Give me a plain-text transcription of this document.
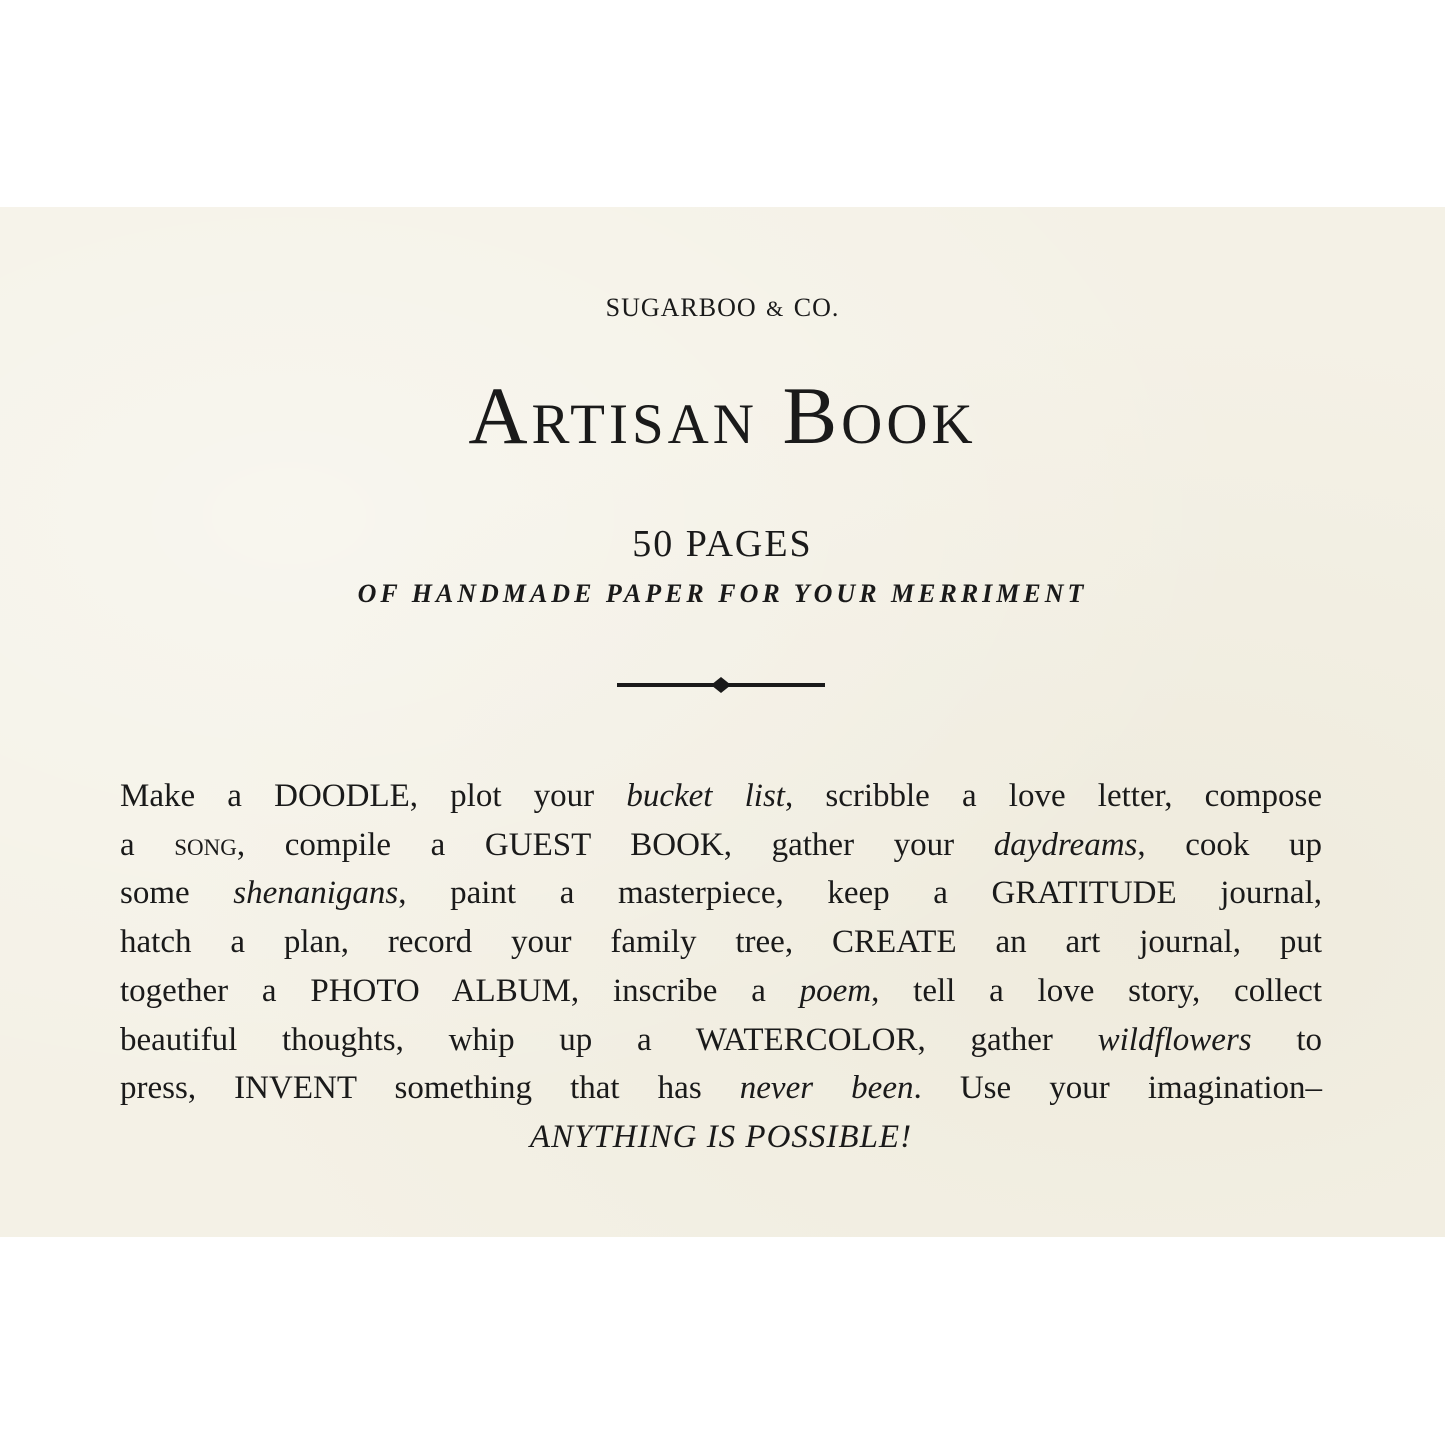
SUGARBOO & CO.
Artisan Book
50 PAGES
OF HANDMADE PAPER FOR YOUR MERRIMENT
Make a DOODLE, plot your bucket list, scribble a love letter, compose
a song, compile a GUEST BOOK, gather your daydreams, cook up
some shenanigans, paint a masterpiece, keep a GRATITUDE journal,
hatch a plan, record your family tree, CREATE an art journal, put
together a PHOTO ALBUM, inscribe a poem, tell a love story, collect
beautiful thoughts, whip up a WATERCOLOR, gather wildflowers to
press, INVENT something that has never been. Use your imagination–
ANYTHING IS POSSIBLE!
